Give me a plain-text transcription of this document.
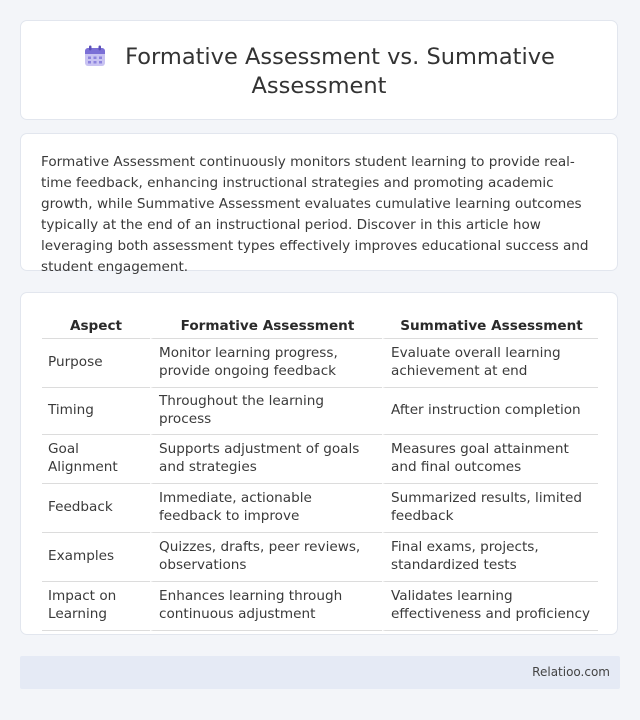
Formative Assessment vs. Summative
Assessment

Formative Assessment continuously monitors student learning to provide real-time feedback, enhancing instructional strategies and promoting academic growth, while Summative Assessment evaluates cumulative learning outcomes typically at the end of an instructional period. Discover in this article how leveraging both assessment types effectively improves educational success and student engagement.

Aspect	Formative Assessment	Summative Assessment
Purpose	Monitor learning progress, provide ongoing feedback	Evaluate overall learning achievement at end
Timing	Throughout the learning process	After instruction completion
Goal Alignment	Supports adjustment of goals and strategies	Measures goal attainment and final outcomes
Feedback	Immediate, actionable feedback to improve	Summarized results, limited feedback
Examples	Quizzes, drafts, peer reviews, observations	Final exams, projects, standardized tests
Impact on Learning	Enhances learning through continuous adjustment	Validates learning effectiveness and proficiency
Relatioo.com
